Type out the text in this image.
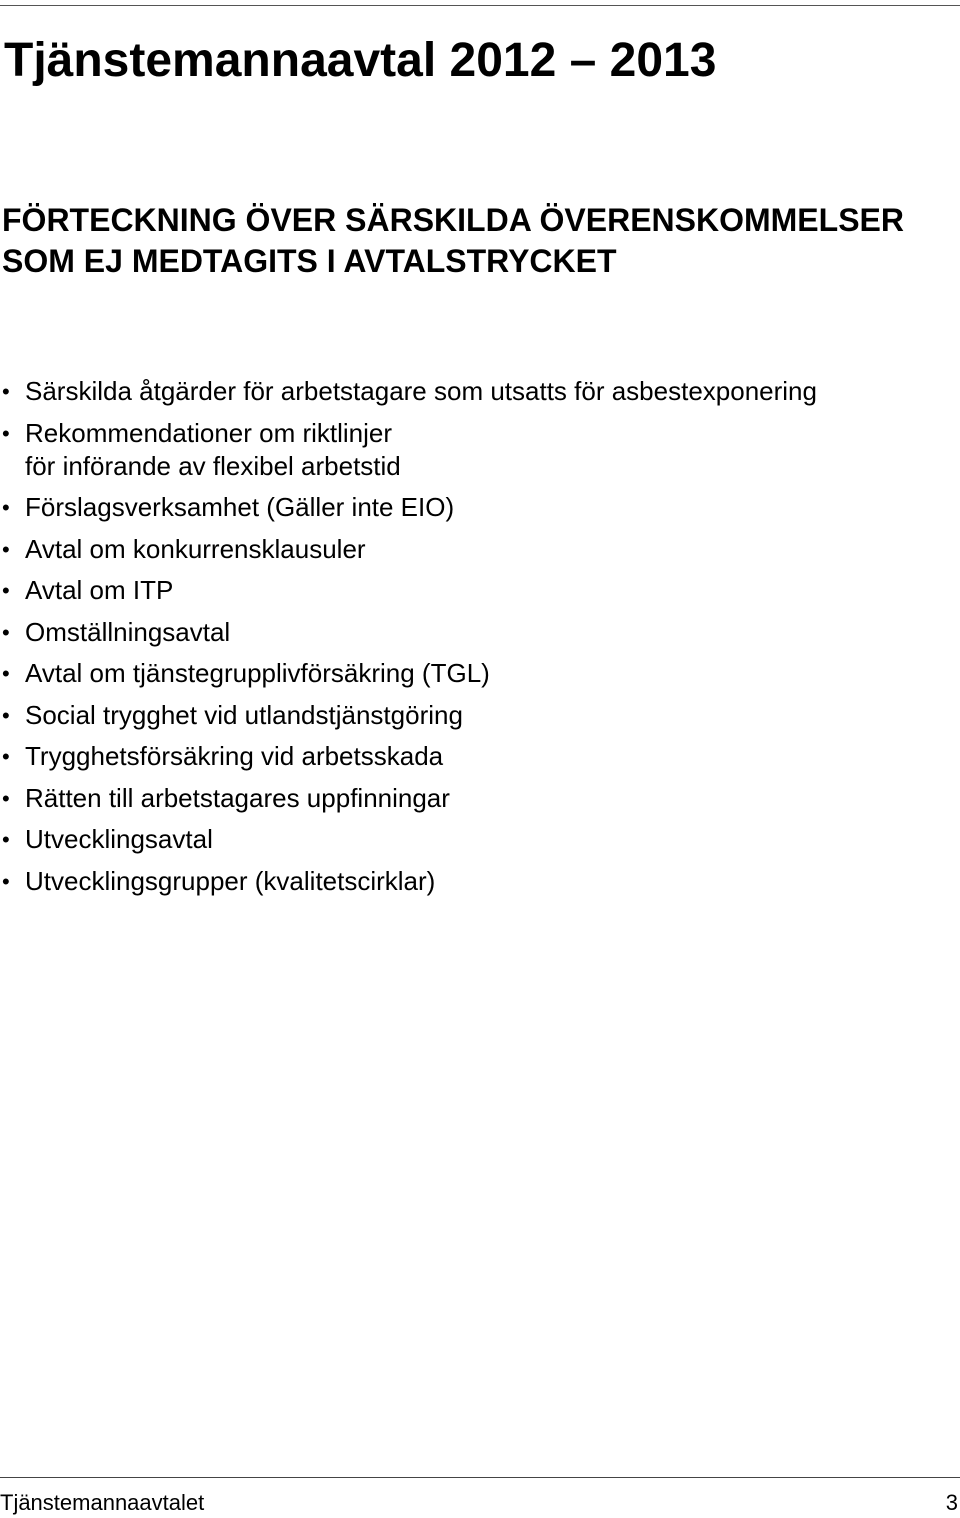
Tjänstemannaavtal 2012 – 2013
FÖRTECKNING ÖVER SÄRSKILDA ÖVERENSKOMMELSER
SOM EJ MEDTAGITS I AVTALSTRYCKET
• Särskilda åtgärder för arbetstagare som utsatts för asbestexponering
• Rekommendationer om riktlinjer
för införande av flexibel arbetstid
• Förslagsverksamhet (Gäller inte EIO)
• Avtal om konkurrensklausuler
• Avtal om ITP
• Omställningsavtal
• Avtal om tjänstegrupplivförsäkring (TGL)
• Social trygghet vid utlandstjänstgöring
• Trygghetsförsäkring vid arbetsskada
• Rätten till arbetstagares uppfinningar
• Utvecklingsavtal
• Utvecklingsgrupper (kvalitetscirklar)
Tjänstemannaavtalet	3
